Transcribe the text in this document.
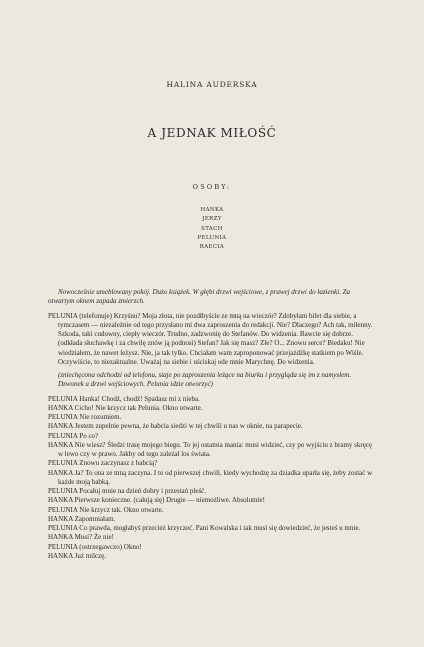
HALINA AUDERSKA
A JEDNAK MIŁOŚĆ
OSOBY:
HANKA
JERZY
STACH
PELUNIA
RAECIA

Nowocześnie umeblowany pokój. Dużo książek. W głębi drzwi wejściowe, z prawej drzwi do łazienki. Za otwartym oknem zapada zmierzch.

PELUNIA (telefonuje) Krzyśnu? Moja złota, nie pozdłbyście ze mną na wieczór? Zdobyłam bilet dla siebie, a tymczasem — niezależnie od tego przysłano mi dwa zaproszenia do redakcji. Nie? Dlaczego? Ach tak, miłenny. Szkoda, taki cudowny, ciepły wieczór. Trudno, zadzwonię do Stefanów. Do widzenia. Bawcie się dobrze. (odkłada słuchawkę i za chwilę znów ją podnosi) Stefan? Jak się masz? Złe? O... Znowu serce? Biedaku! Nie wiedziałem, że nawet leżysz. Nie, ja tak tylko. Chciałam wam zaproponować przejażdżkę statkiem po Wiśle. Oczywiście, to niezaktualne. Uważaj na siebie i uściskaj ode mnie Marychnę. Do widzenia.

(zniechęcona odchodzi od telefonu, staje po zaproszenia leżące na biurku i przygląda się im z namysłem. Dzwonek u drzwi wejściowych. Pelunia idzie otworzyć)

PELUNIA Hanka! Chodź, chodź! Spadasz mi z nieba.

HANKA Cicho! Nie krzycz tak Pelunia. Okno otwarte.

PELUNIA Nie rozumiem.

HANKA Jestem zupełnie pewna, że babcia siedzi w tej chwili u nas w oknie, na parapecie.

PELUNIA Po co?

HANKA Nie wiesz? Śledzi trasę mojego biegu. To jej ostatnia mania: musi widzieć, czy po wyjściu z bramy skręcę w lewo czy w prawo. Jakby od tego zależał los świata.

PELUNIA Znowu zaczynasz z babcią?

HANKA Ja? To ona ze mną zaczyna. I to od pierwszej chwili, kiedy wychodzę za dziadka uparła się, żeby zostać w każde moją babką.

PELUNIA Pocałuj mnie na dzień dobry i przestań pleść.

HANKA Pierwsze konieczne. (całują się) Drugie — niemożliwe. Absolutnie!

PELUNIA Nie krzycz tak. Okno otwarte.

HANKA Zapomniałam.

PELUNIA Co prawda, mogłabyś przecież krzyczeć. Pani Kowalska i tak musi się dowiedzieć, że jesteś u mnie.

HANKA Musi? Że nie!

PELUNIA (ostrzegawczo) Okno!

HANKA Już milczę.
